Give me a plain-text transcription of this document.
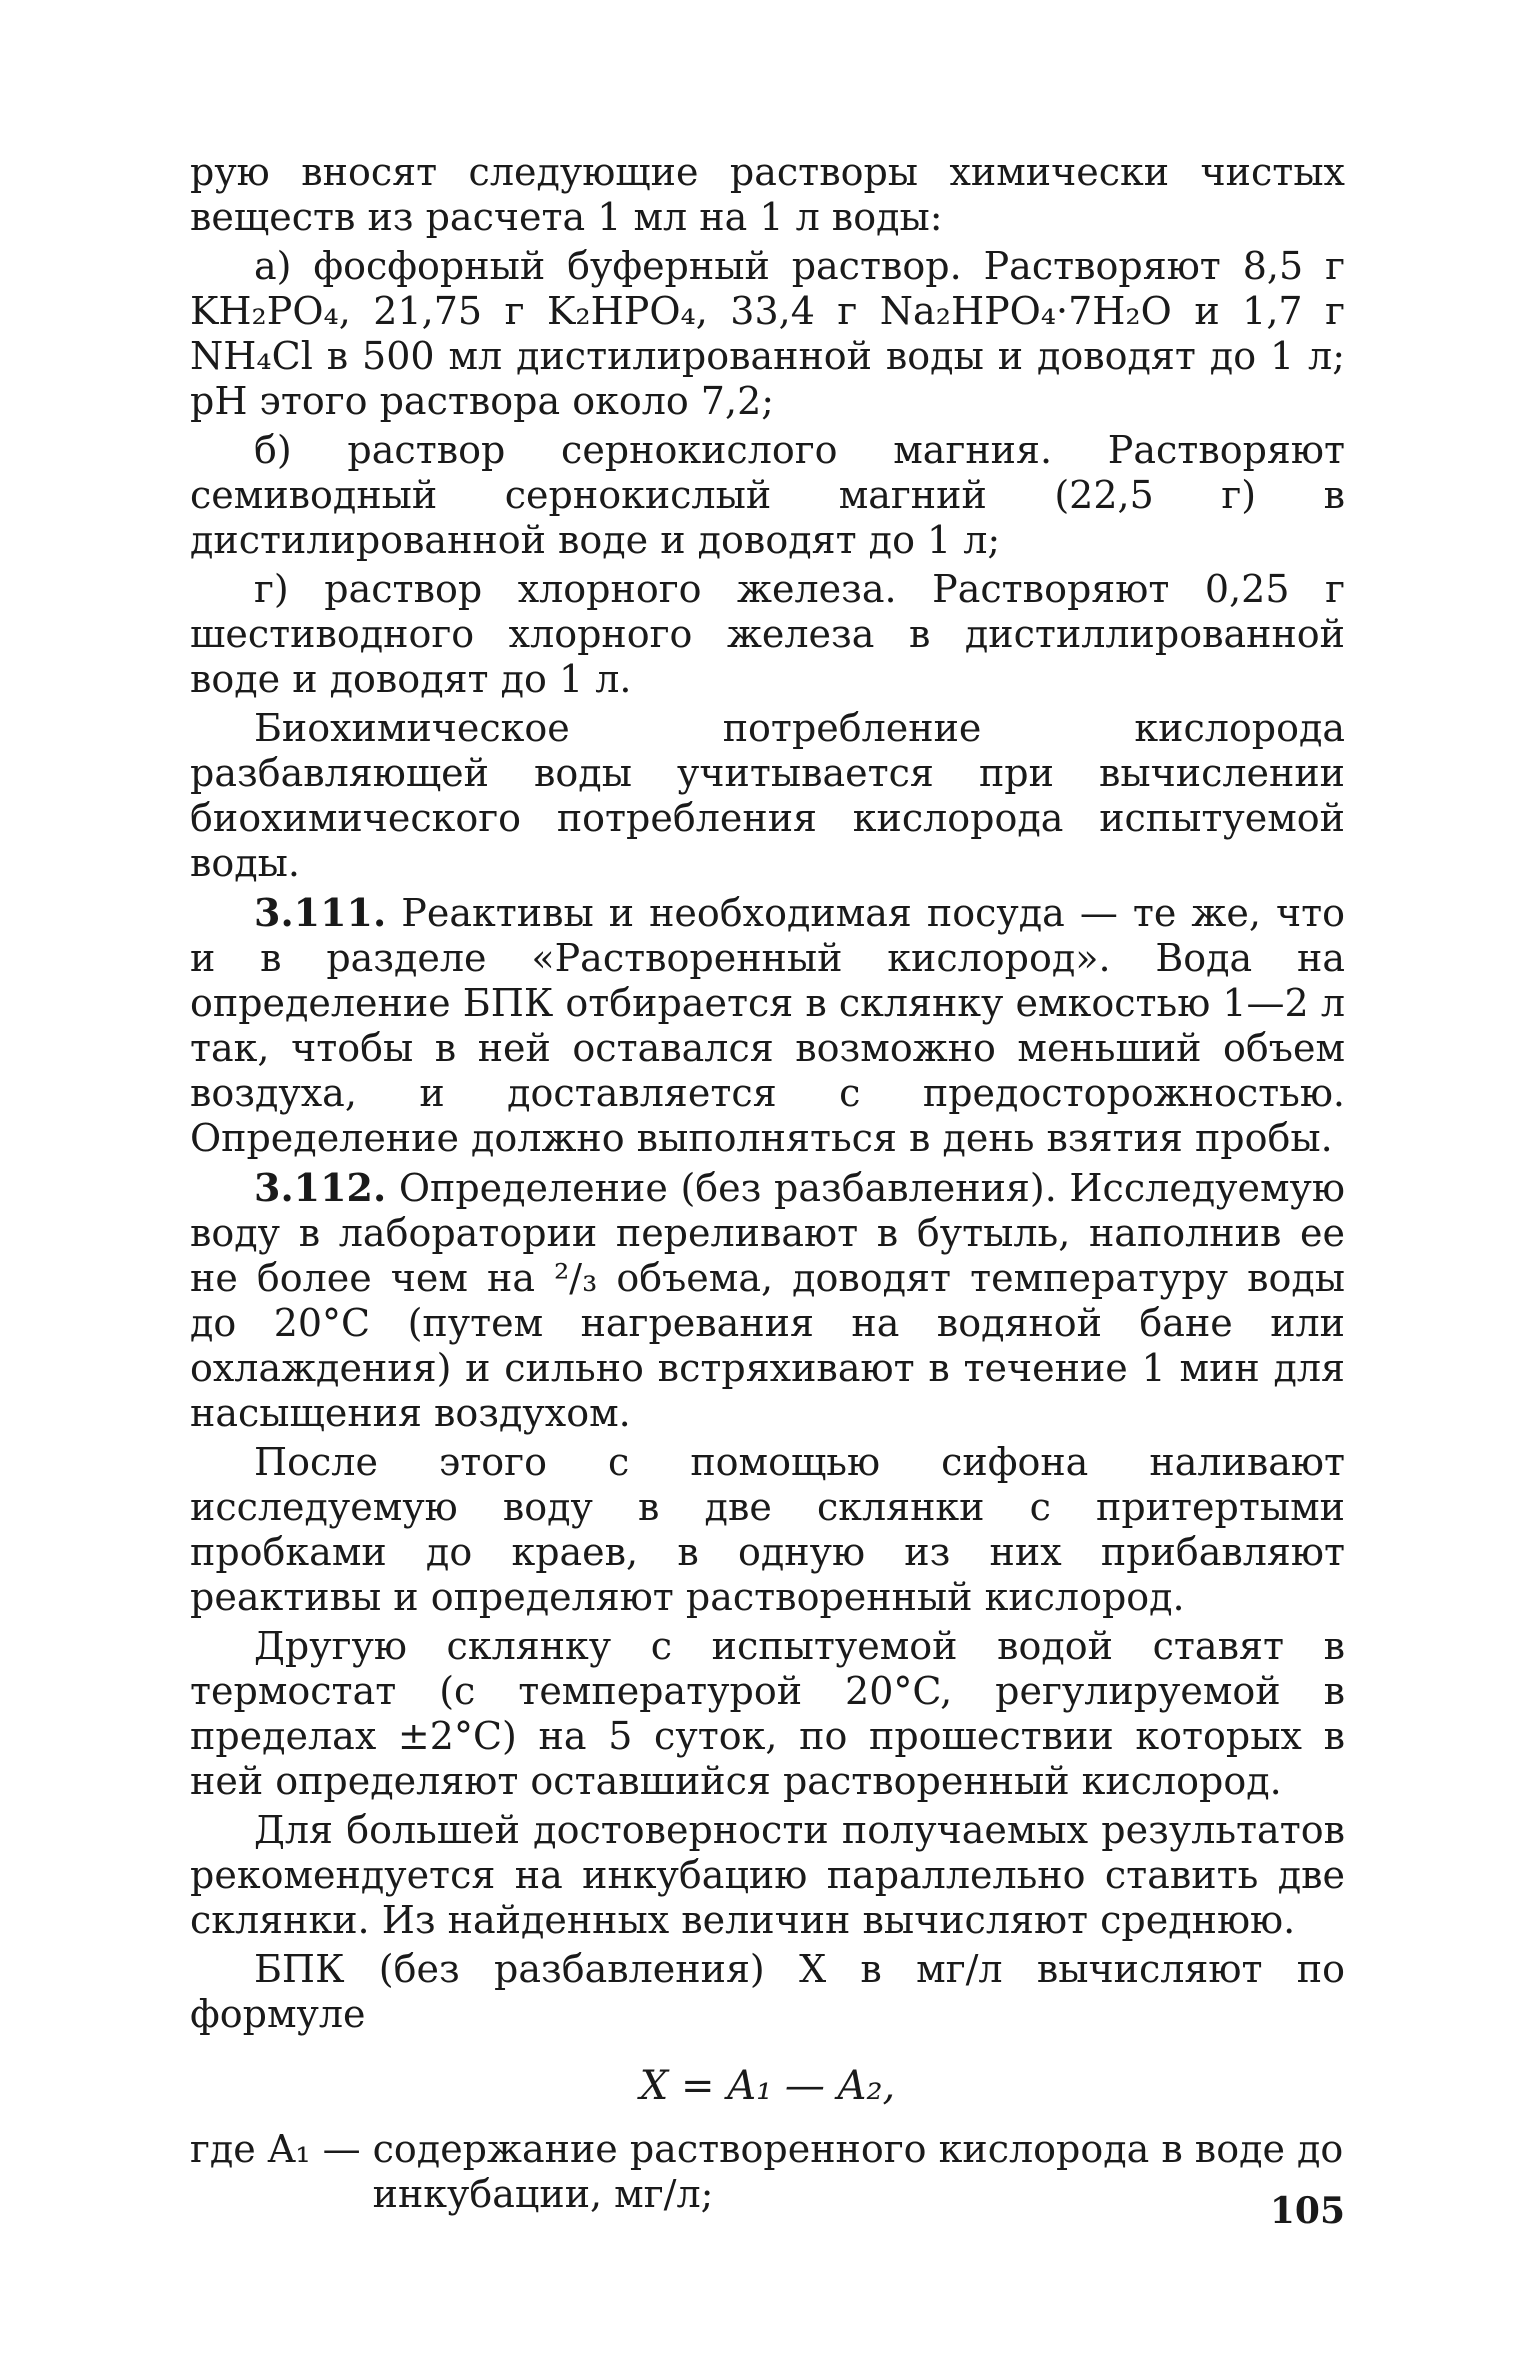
рую вносят следующие растворы химически чистых веществ из расчета 1 мл на 1 л воды:

а) фосфорный буферный раствор. Растворяют 8,5 г KH₂PO₄, 21,75 г K₂HPO₄, 33,4 г Na₂HPO₄·7H₂O и 1,7 г NH₄Cl в 500 мл дистилированной воды и доводят до 1 л; pH этого раствора около 7,2;

б) раствор сернокислого магния. Растворяют семиводный сернокислый магний (22,5 г) в дистилированной воде и доводят до 1 л;

г) раствор хлорного железа. Растворяют 0,25 г шестиводного хлорного железа в дистиллированной воде и доводят до 1 л.

Биохимическое потребление кислорода разбавляющей воды учитывается при вычислении биохимического потребления кислорода испытуемой воды.

3.111. Реактивы и необходимая посуда — те же, что и в разделе «Растворенный кислород». Вода на определение БПК отбирается в склянку емкостью 1—2 л так, чтобы в ней оставался возможно меньший объем воздуха, и доставляется с предосторожностью. Определение должно выполняться в день взятия пробы.

3.112. Определение (без разбавления). Исследуемую воду в лаборатории переливают в бутыль, наполнив ее не более чем на ²/₃ объема, доводят температуру воды до 20°C (путем нагревания на водяной бане или охлаждения) и сильно встряхивают в течение 1 мин для насыщения воздухом.

После этого с помощью сифона наливают исследуемую воду в две склянки с притертыми пробками до краев, в одную из них прибавляют реактивы и определяют растворенный кислород.

Другую склянку с испытуемой водой ставят в термостат (с температурой 20°C, регулируемой в пределах ±2°C) на 5 суток, по прошествии которых в ней определяют оставшийся растворенный кислород.

Для большей достоверности получаемых результатов рекомендуется на инкубацию параллельно ставить две склянки. Из найденных величин вычисляют среднюю.

БПК (без разбавления) X в мг/л вычисляют по формуле

X = A₁ — A₂,
где A₁ — содержание растворенного кислорода в воде до инкубации, мг/л;	105
